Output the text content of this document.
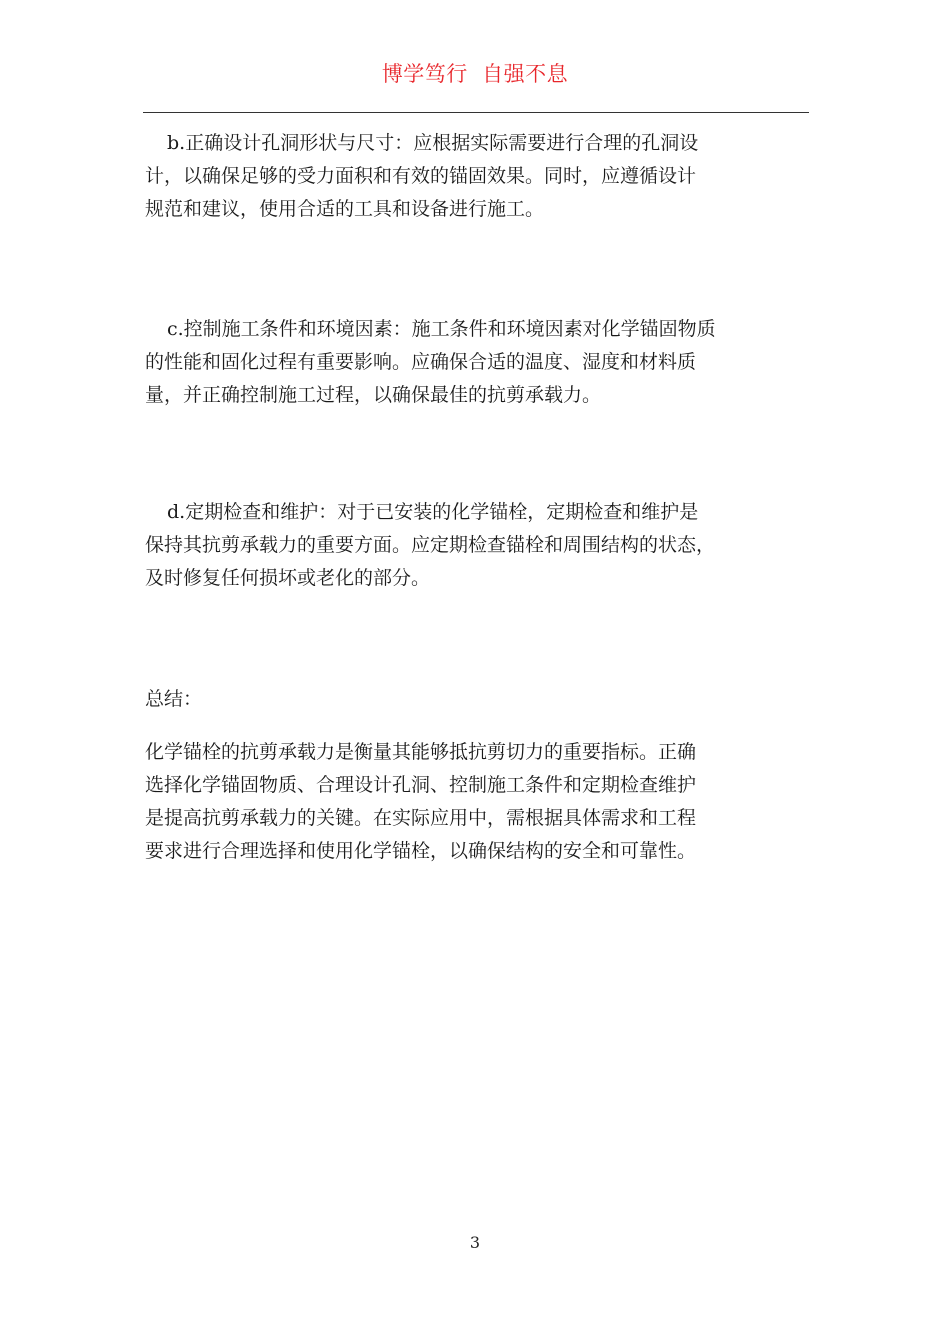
博学笃行  自强不息
b.正确设计孔洞形状与尺寸：应根据实际需要进行合理的孔洞设
计，以确保足够的受力面积和有效的锚固效果。同时，应遵循设计
规范和建议，使用合适的工具和设备进行施工。
c.控制施工条件和环境因素：施工条件和环境因素对化学锚固物质
的性能和固化过程有重要影响。应确保合适的温度、湿度和材料质
量，并正确控制施工过程，以确保最佳的抗剪承载力。
d.定期检查和维护：对于已安装的化学锚栓，定期检查和维护是
保持其抗剪承载力的重要方面。应定期检查锚栓和周围结构的状态，
及时修复任何损坏或老化的部分。
总结：
化学锚栓的抗剪承载力是衡量其能够抵抗剪切力的重要指标。正确
选择化学锚固物质、合理设计孔洞、控制施工条件和定期检查维护
是提高抗剪承载力的关键。在实际应用中，需根据具体需求和工程
要求进行合理选择和使用化学锚栓，以确保结构的安全和可靠性。
3
